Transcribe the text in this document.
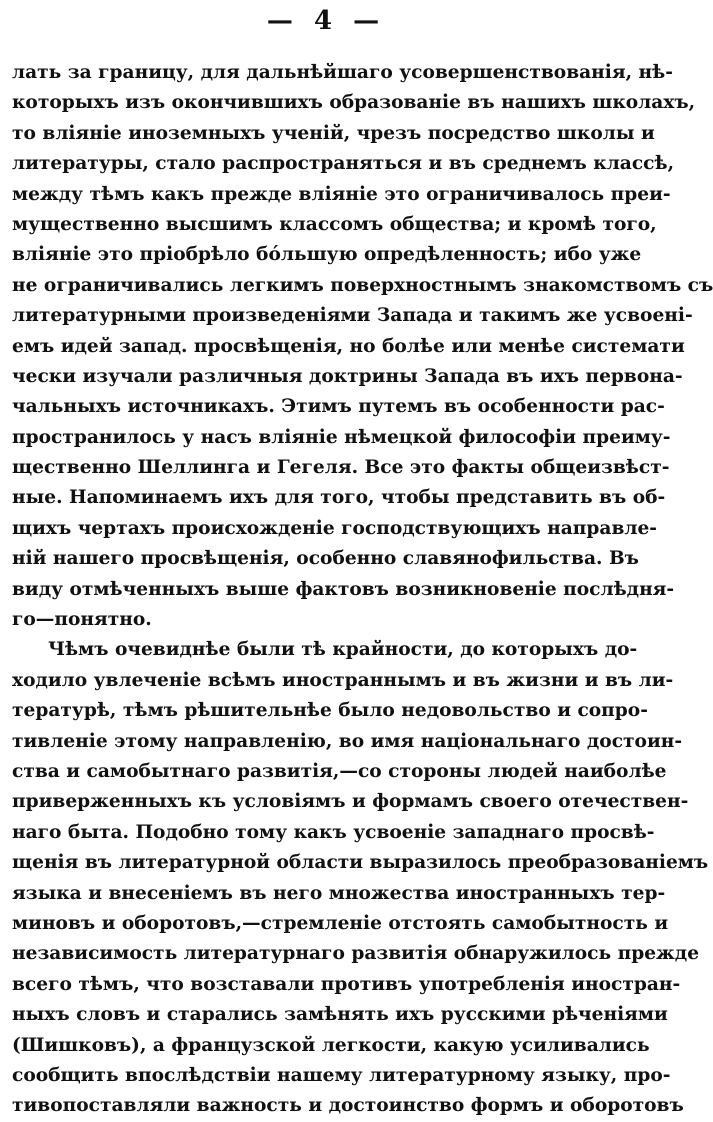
— 4 —
лать за границу, для дальнѣйшаго усовершенствованія, нѣ-
которыхъ изъ окончившихъ образованіе въ нашихъ школахъ,
то вліяніе иноземныхъ ученій, чрезъ посредство школы и
литературы, стало распространяться и въ среднемъ классѣ,
между тѣмъ какъ прежде вліяніе это ограничивалось преи-
мущественно высшимъ классомъ общества; и кромѣ того,
вліяніе это пріобрѣло бо́льшую опредѣленность; ибо уже
не ограничивались легкимъ поверхностнымъ знакомствомъ съ
литературными произведеніями Запада и такимъ же усвоені-
емъ идей запад. просвѣщенія, но болѣе или менѣе системати
чески изучали различныя доктрины Запада въ ихъ первона-
чальныхъ источникахъ. Этимъ путемъ въ особенности рас-
пространилось у насъ вліяніе нѣмецкой философіи преиму-
щественно Шеллинга и Гегеля. Все это факты общеизвѣст-
ные. Напоминаемъ ихъ для того, чтобы представить въ об-
щихъ чертахъ происхожденіе господствующихъ направле-
ній нашего просвѣщенія, особенно славянофильства. Въ
виду отмѣченныхъ выше фактовъ возникновеніе послѣдня-
го—понятно.
Чѣмъ очевиднѣе были тѣ крайности, до которыхъ до-
ходило увлеченіе всѣмъ иностраннымъ и въ жизни и въ ли-
тературѣ, тѣмъ рѣшительнѣе было недовольство и сопро-
тивленіе этому направленію, во имя національнаго достоин-
ства и самобытнаго развитія,—со стороны людей наиболѣе
приверженныхъ къ условіямъ и формамъ своего отечествен-
наго быта. Подобно тому какъ усвоеніе западнаго просвѣ-
щенія въ литературной области выразилось преобразованіемъ
языка и внесеніемъ въ него множества иностранныхъ тер-
миновъ и оборотовъ,—стремленіе отстоять самобытность и
независимость литературнаго развитія обнаружилось прежде
всего тѣмъ, что возставали противъ употребленія иностран-
ныхъ словъ и старались замѣнять ихъ русскими рѣченіями
(Шишковъ), а французской легкости, какую усиливались
сообщить впослѣдствіи нашему литературному языку, про-
тивопоставляли важность и достоинство формъ и оборотовъ
